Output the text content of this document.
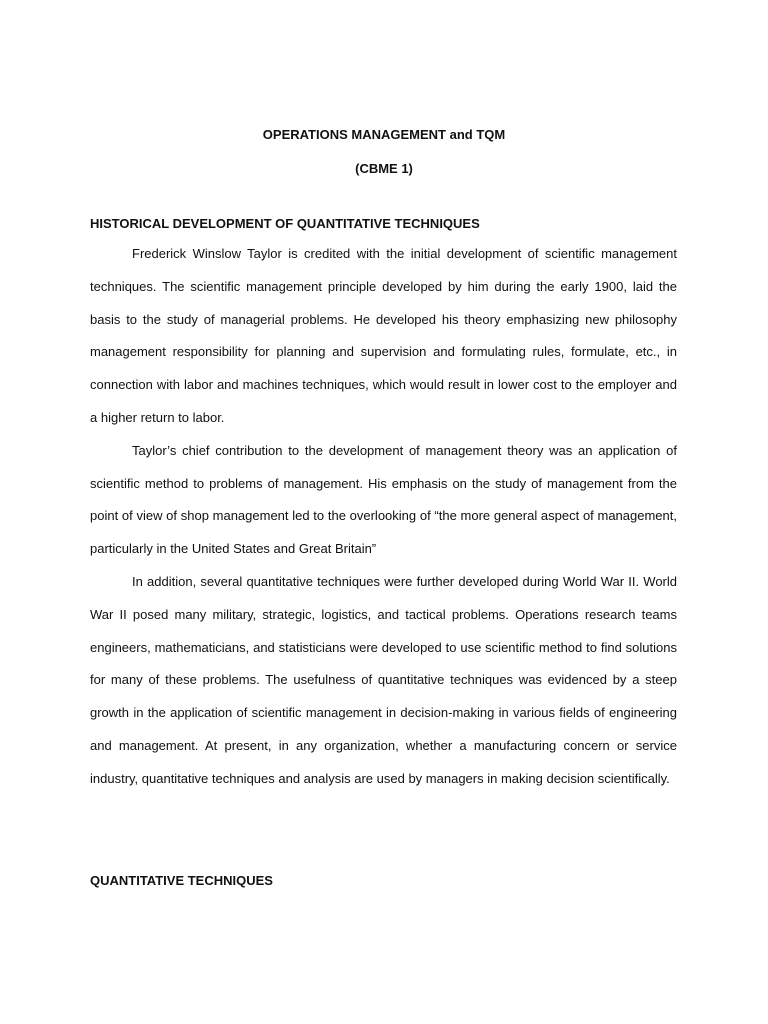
OPERATIONS MANAGEMENT and TQM
(CBME 1)
HISTORICAL DEVELOPMENT OF QUANTITATIVE TECHNIQUES

Frederick Winslow Taylor is credited with the initial development of scientific management techniques. The scientific management principle developed by him during the early 1900, laid the basis to the study of managerial problems. He developed his theory emphasizing new philosophy management responsibility for planning and supervision and formulating rules, formulate, etc., in connection with labor and machines techniques, which would result in lower cost to the employer and a higher return to labor.

Taylor’s chief contribution to the development of management theory was an application of scientific method to problems of management. His emphasis on the study of management from the point of view of shop management led to the overlooking of “the more general aspect of management, particularly in the United States and Great Britain”

In addition, several quantitative techniques were further developed during World War II. World War II posed many military, strategic, logistics, and tactical problems. Operations research teams engineers, mathematicians, and statisticians were developed to use scientific method to find solutions for many of these problems. The usefulness of quantitative techniques was evidenced by a steep growth in the application of scientific management in decision-making in various fields of engineering and management. At present, in any organization, whether a manufacturing concern or service industry, quantitative techniques and analysis are used by managers in making decision scientifically.

QUANTITATIVE TECHNIQUES
